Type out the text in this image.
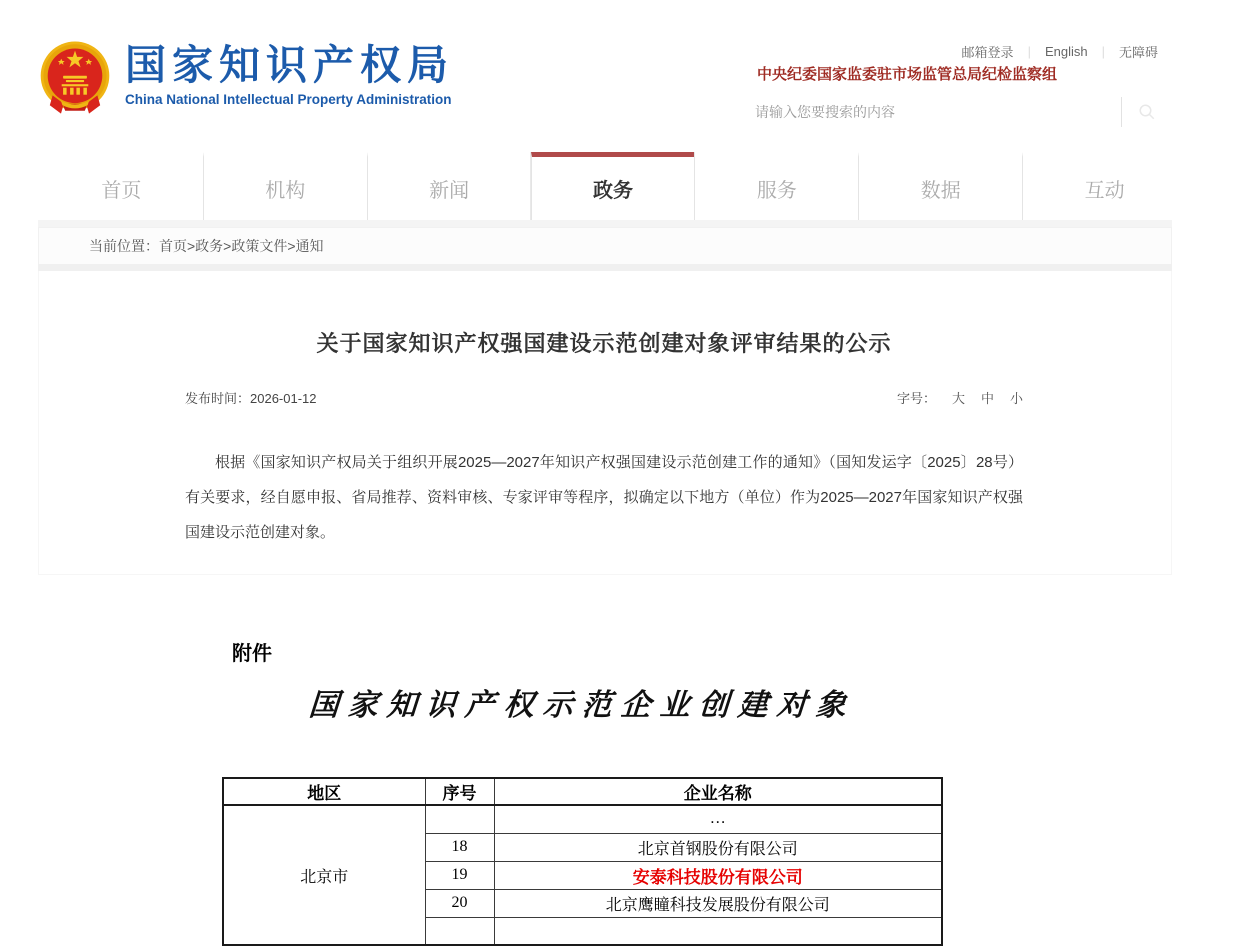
国家知识产权局
China National Intellectual Property Administration
邮箱登录	|	English	|	无障碍
中央纪委国家监委驻市场监管总局纪检监察组
请输入您要搜索的内容
首页	机构	新闻	政务	服务	数据	互动
当前位置： 首页>政务>政策文件>通知
关于国家知识产权强国建设示范创建对象评审结果的公示
发布时间：2026-01-12	字号： 大 中 小

根据《国家知识产权局关于组织开展2025—2027年知识产权强国建设示范创建工作的通知》（国知发运字〔2025〕28号）有关要求，经自愿申报、省局推荐、资料审核、专家评审等程序，拟确定以下地方（单位）作为2025—2027年国家知识产权强国建设示范创建对象。

附件
国家知识产权示范企业创建对象
地区	序号	企业名称
北京市		…
	18	北京首钢股份有限公司
	19	安泰科技股份有限公司
	20	北京鹰瞳科技发展股份有限公司
